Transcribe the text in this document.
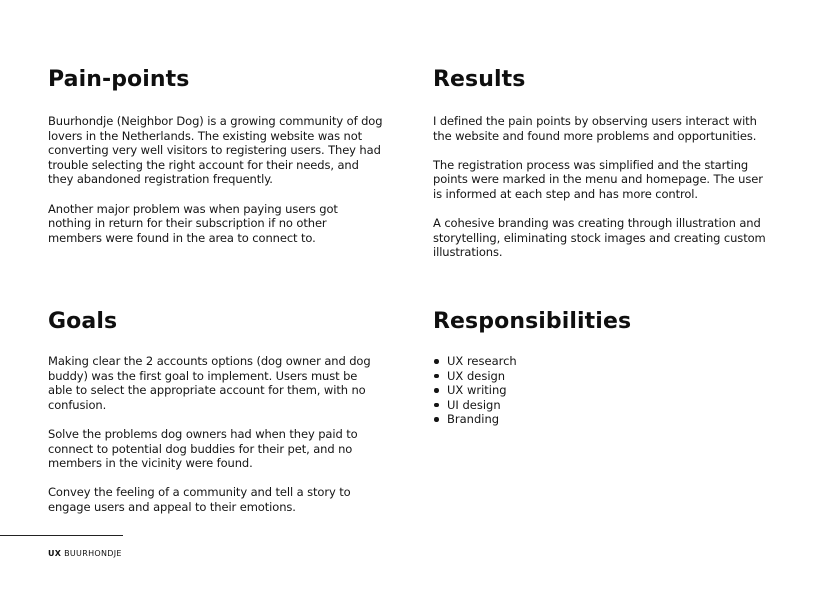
Pain-points

Buurhondje (Neighbor Dog) is a growing community of dog lovers in the Netherlands. The existing website was not converting very well visitors to registering users. They had trouble selecting the right account for their needs, and they abandoned registration frequently.

Another major problem was when paying users got nothing in return for their subscription if no other members were found in the area to connect to.

Results

I defined the pain points by observing users interact with the website and found more problems and opportunities.

The registration process was simplified and the starting points were marked in the menu and homepage. The user is informed at each step and has more control.

A cohesive branding was creating through illustration and storytelling, eliminating stock images and creating custom illustrations.

Goals

Making clear the 2 accounts options (dog owner and dog buddy) was the first goal to implement. Users must be able to select the appropriate account for them, with no confusion.

Solve the problems dog owners had when they paid to connect to potential dog buddies for their pet, and no members in the vicinity were found.

Convey the feeling of a community and tell a story to engage users and appeal to their emotions.

Responsibilities
UX research
UX design
UX writing
UI design
Branding
UX BUURHONDJE
